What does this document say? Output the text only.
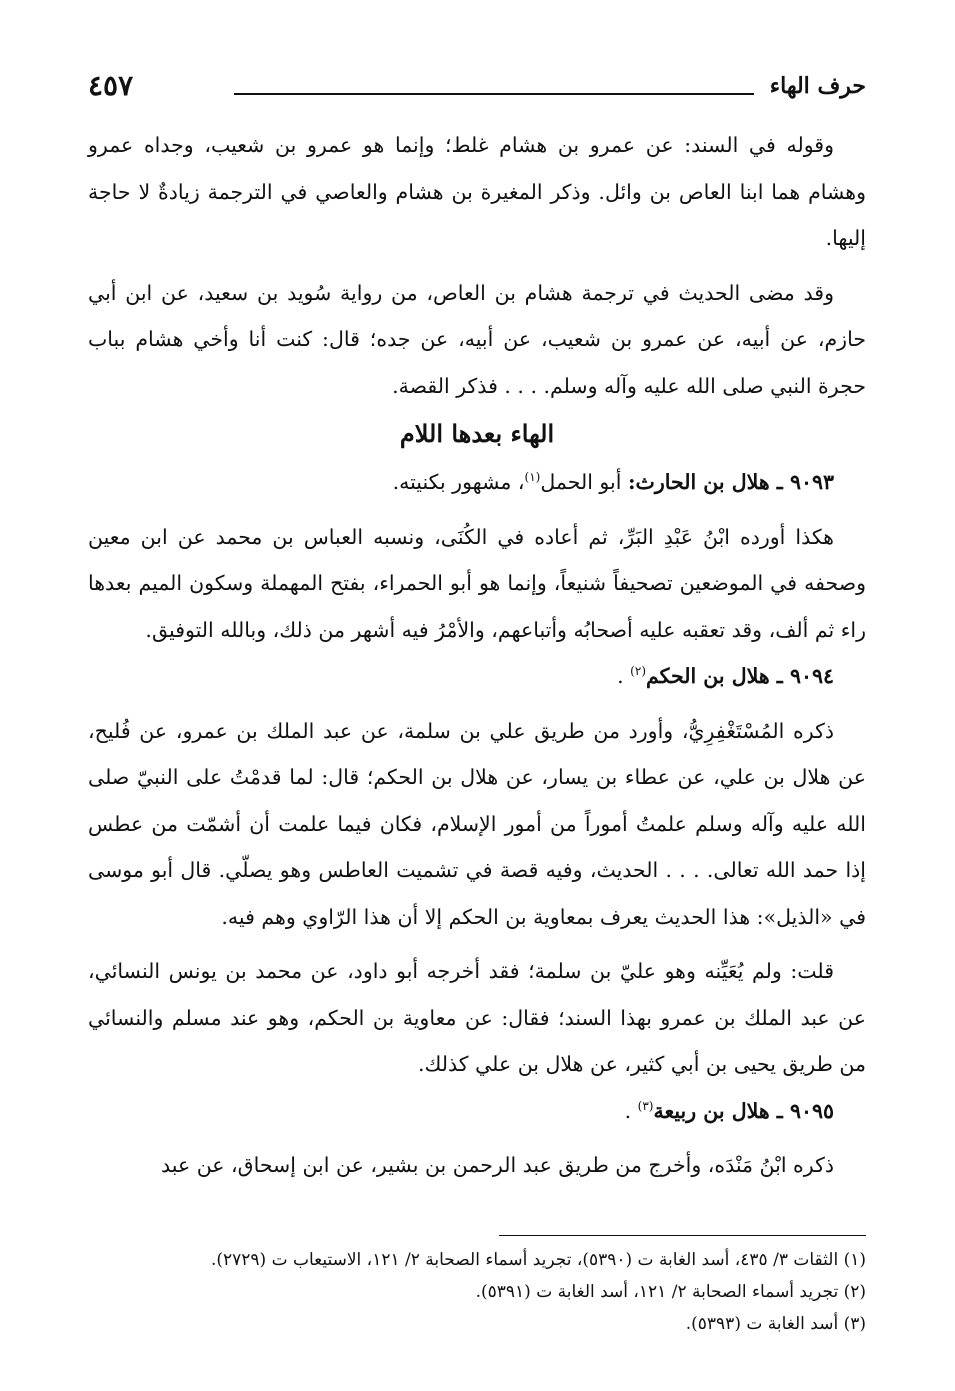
٤٥٧	حرف الهاء

وقوله في السند: عن عمرو بن هشام غلط؛ وإنما هو عمرو بن شعيب، وجداه عمرو وهشام هما ابنا العاص بن وائل. وذكر المغيرة بن هشام والعاصي في الترجمة زيادةٌ لا حاجة إليها.

وقد مضى الحديث في ترجمة هشام بن العاص، من رواية سُويد بن سعيد، عن ابن أبي حازم، عن أبيه، عن عمرو بن شعيب، عن أبيه، عن جده؛ قال: كنت أنا وأخي هشام بباب حجرة النبي صلى الله عليه وآله وسلم. . . . فذكر القصة.

الهاء بعدها اللام

٩٠٩٣ ـ هلال بن الحارث: أبو الحمل$^{(١)}$، مشهور بكنيته.

هكذا أورده ابْنُ عَبْدِ البَرِّ، ثم أعاده في الكُنَى، ونسبه العباس بن محمد عن ابن معين وصحفه في الموضعين تصحيفاً شنيعاً، وإنما هو أبو الحمراء، بفتح المهملة وسكون الميم بعدها راء ثم ألف، وقد تعقبه عليه أصحابُه وأتباعهم، والأمْرُ فيه أشهر من ذلك، وبالله التوفيق.

٩٠٩٤ ـ هلال بن الحكم$^{(٢)}$ .

ذكره المُسْتَغْفِرِيُّ، وأورد من طريق علي بن سلمة، عن عبد الملك بن عمرو، عن فُليح، عن هلال بن علي، عن عطاء بن يسار، عن هلال بن الحكم؛ قال: لما قدمْتُ على النبيّ صلى الله عليه وآله وسلم علمتُ أموراً من أمور الإسلام، فكان فيما علمت أن أشمّت من عطس إذا حمد الله تعالى. . . . الحديث، وفيه قصة في تشميت العاطس وهو يصلّي. قال أبو موسى في «الذيل»: هذا الحديث يعرف بمعاوية بن الحكم إلا أن هذا الرّاوي وهم فيه.

قلت: ولم يُعَيِّنه وهو عليّ بن سلمة؛ فقد أخرجه أبو داود، عن محمد بن يونس النسائي، عن عبد الملك بن عمرو بهذا السند؛ فقال: عن معاوية بن الحكم، وهو عند مسلم والنسائي من طريق يحيى بن أبي كثير، عن هلال بن علي كذلك.

٩٠٩٥ ـ هلال بن ربيعة$^{(٣)}$ .

ذكره ابْنُ مَنْدَه، وأخرج من طريق عبد الرحمن بن بشير، عن ابن إسحاق، عن عبد

(١) الثقات ٣/ ٤٣٥، أسد الغابة ت (٥٣٩٠)، تجريد أسماء الصحابة ٢/ ١٢١، الاستيعاب ت (٢٧٢٩).
(٢) تجريد أسماء الصحابة ٢/ ١٢١، أسد الغابة ت (٥٣٩١).
(٣) أسد الغابة ت (٥٣٩٣).
